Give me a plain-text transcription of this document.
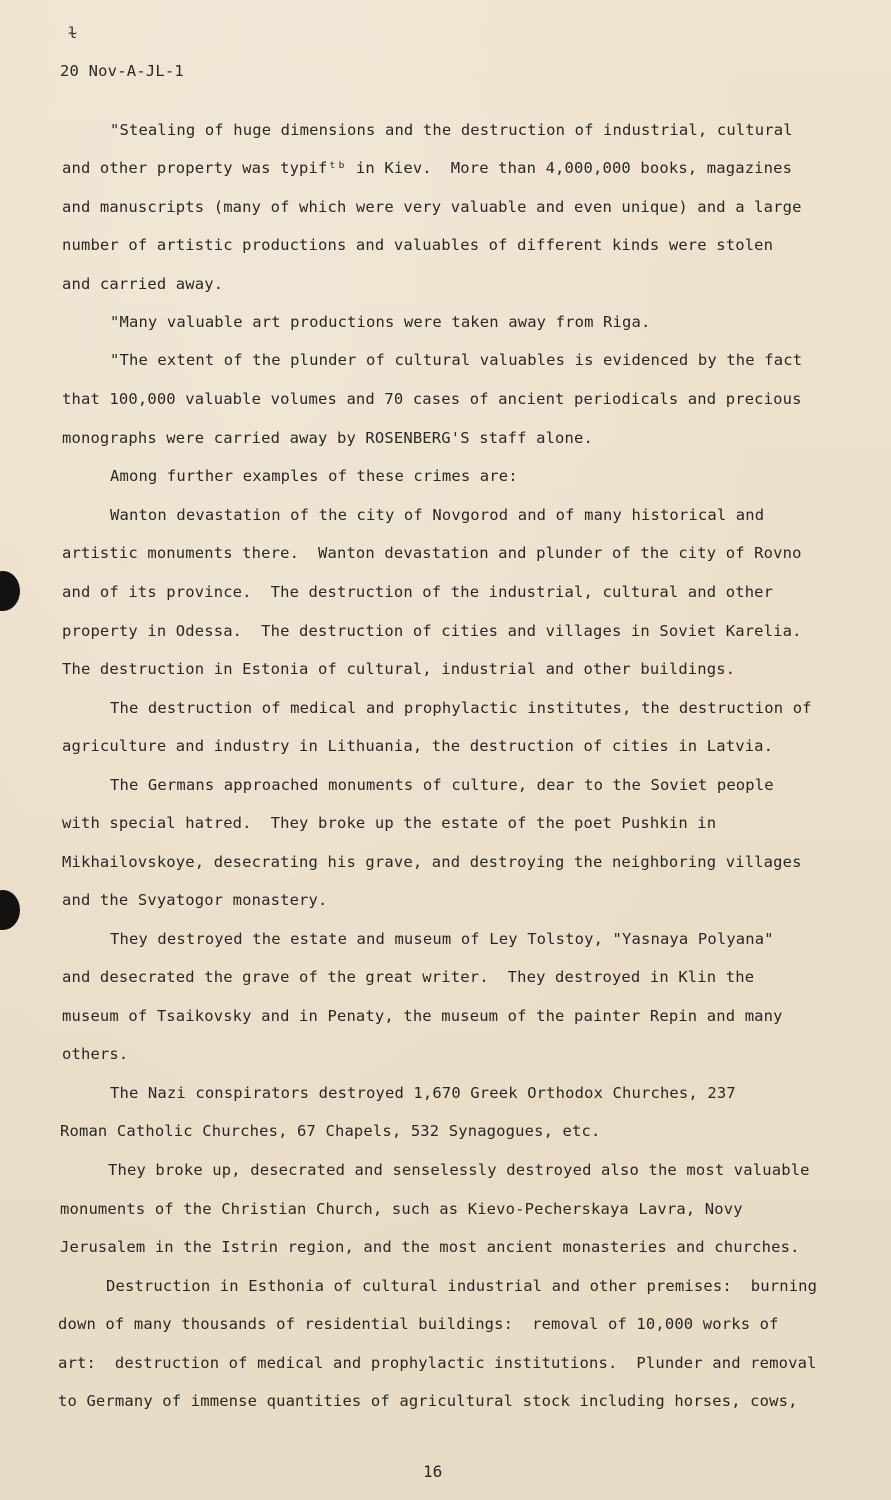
ɫ
20 Nov-A-JL-1
"Stealing of huge dimensions and the destruction of industrial, cultural
and other property was typifᵗᵇ in Kiev.  More than 4,000,000 books, magazines
and manuscripts (many of which were very valuable and even unique) and a large
number of artistic productions and valuables of different kinds were stolen
and carried away.
"Many valuable art productions were taken away from Riga.
"The extent of the plunder of cultural valuables is evidenced by the fact
that 100,000 valuable volumes and 70 cases of ancient periodicals and precious
monographs were carried away by ROSENBERG'S staff alone.
Among further examples of these crimes are:
Wanton devastation of the city of Novgorod and of many historical and
artistic monuments there.  Wanton devastation and plunder of the city of Rovno
and of its province.  The destruction of the industrial, cultural and other
property in Odessa.  The destruction of cities and villages in Soviet Karelia.
The destruction in Estonia of cultural, industrial and other buildings.
The destruction of medical and prophylactic institutes, the destruction of
agriculture and industry in Lithuania, the destruction of cities in Latvia.
The Germans approached monuments of culture, dear to the Soviet people
with special hatred.  They broke up the estate of the poet Pushkin in
Mikhailovskoye, desecrating his grave, and destroying the neighboring villages
and the Svyatogor monastery.
They destroyed the estate and museum of Ley Tolstoy, "Yasnaya Polyana"
and desecrated the grave of the great writer.  They destroyed in Klin the
museum of Tsaikovsky and in Penaty, the museum of the painter Repin and many
others.
The Nazi conspirators destroyed 1,670 Greek Orthodox Churches, 237
Roman Catholic Churches, 67 Chapels, 532 Synagogues, etc.
They broke up, desecrated and senselessly destroyed also the most valuable
monuments of the Christian Church, such as Kievo-Pecherskaya Lavra, Novy
Jerusalem in the Istrin region, and the most ancient monasteries and churches.
Destruction in Esthonia of cultural industrial and other premises:  burning
down of many thousands of residential buildings:  removal of 10,000 works of
art:  destruction of medical and prophylactic institutions.  Plunder and removal
to Germany of immense quantities of agricultural stock including horses, cows,
16
